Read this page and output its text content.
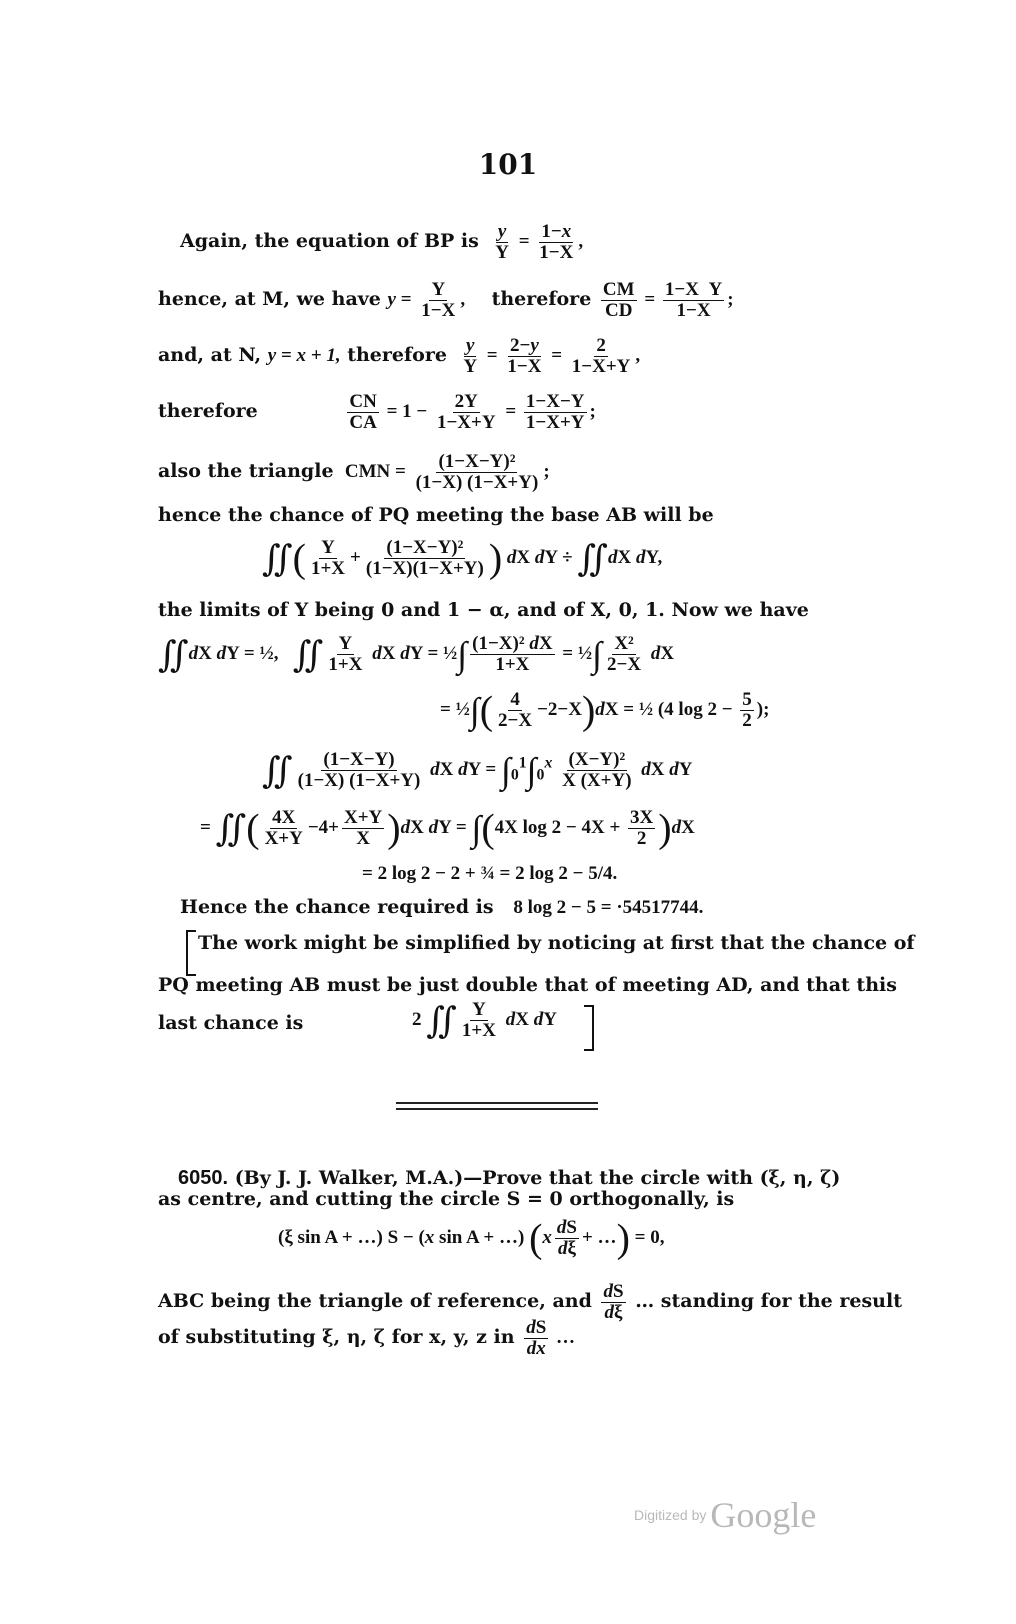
101
Again, the equation of BP is $\frac{y}{Y} = \frac{1-x}{1-X}$ ,
hence, at M, we have $y = \frac{Y}{1-X}$ , therefore $\frac{CM}{CD} = \frac{\text{1−X  Y}}{1-X}$ ;
and, at N, y = x + 1, therefore $\frac{y}{Y} = \frac{2-y}{1-X} = \frac{2}{1-X+Y}$ ,
therefore	$\frac{CN}{CA} = 1 - \frac{2Y}{1-X+Y} = \frac{1-X-Y}{1-X+Y}$ ;
also the triangle  CMN = $\frac{\text{(1−X−Y)²}}{(1-X) (1-X+Y)}$ ;
hence the chance of PQ meeting the base AB will be
∬( $\frac{Y}{1+X} + \frac{\text{(1−X−Y)²}}{(1-X)(1-X+Y)}$ ) dX dY ÷ ∬dX dY,
the limits of Y being 0 and 1 − α, and of X, 0, 1. Now we have
∬dX dY = ½,   ∬ $\frac{Y}{1+X}$ dX dY = ½∫ $\frac{\text{(1−X)² dX}}{1+X}$ = ½∫ $\frac{\text{X²}}{2-X}$ dX
= ½∫( $\frac{4}{2-X} -2-X)dX$ = ½ (4 $\log 2 - \frac{5}{2}$ );
∬ $\frac{(1-X-Y)}{(1-X) (1-X+Y)}$ dX dY = $\int_0^1\int_0^x \frac{\text{(X−Y)²}}{X (X+Y)}$ dX dY
= ∬( $\frac{4X}{X+Y} -4+ \frac{X+Y}{X} )dX$ dY = ∫(4X $\log 2 - 4X + \frac{3X}{2} )dX$
= 2 log 2 − 2 + ¾ = 2 log 2 − 5/4.
Hence the chance required is 8 log 2 − 5 = ·54517744.
The work might be simplified by noticing at first that the chance of
PQ meeting AB must be just double that of meeting AD, and that this
last chance is	2 ∬ $\frac{Y}{1+X}$ dX dY
6050. (By J. J. Walker, M.A.)—Prove that the circle with (ξ, η, ζ)
as centre, and cutting the circle S = 0 orthogonally, is
(ξ sin A + …) S − (x sin A + …) ($x \frac{dS}{d\xi}$ + …) = 0,
ABC being the triangle of reference, and $\frac{dS}{d\xi}$ … standing for the result
of substituting ξ, η, ζ for x, y, z in $\frac{dS}{dx}$ …
Digitized by Google
